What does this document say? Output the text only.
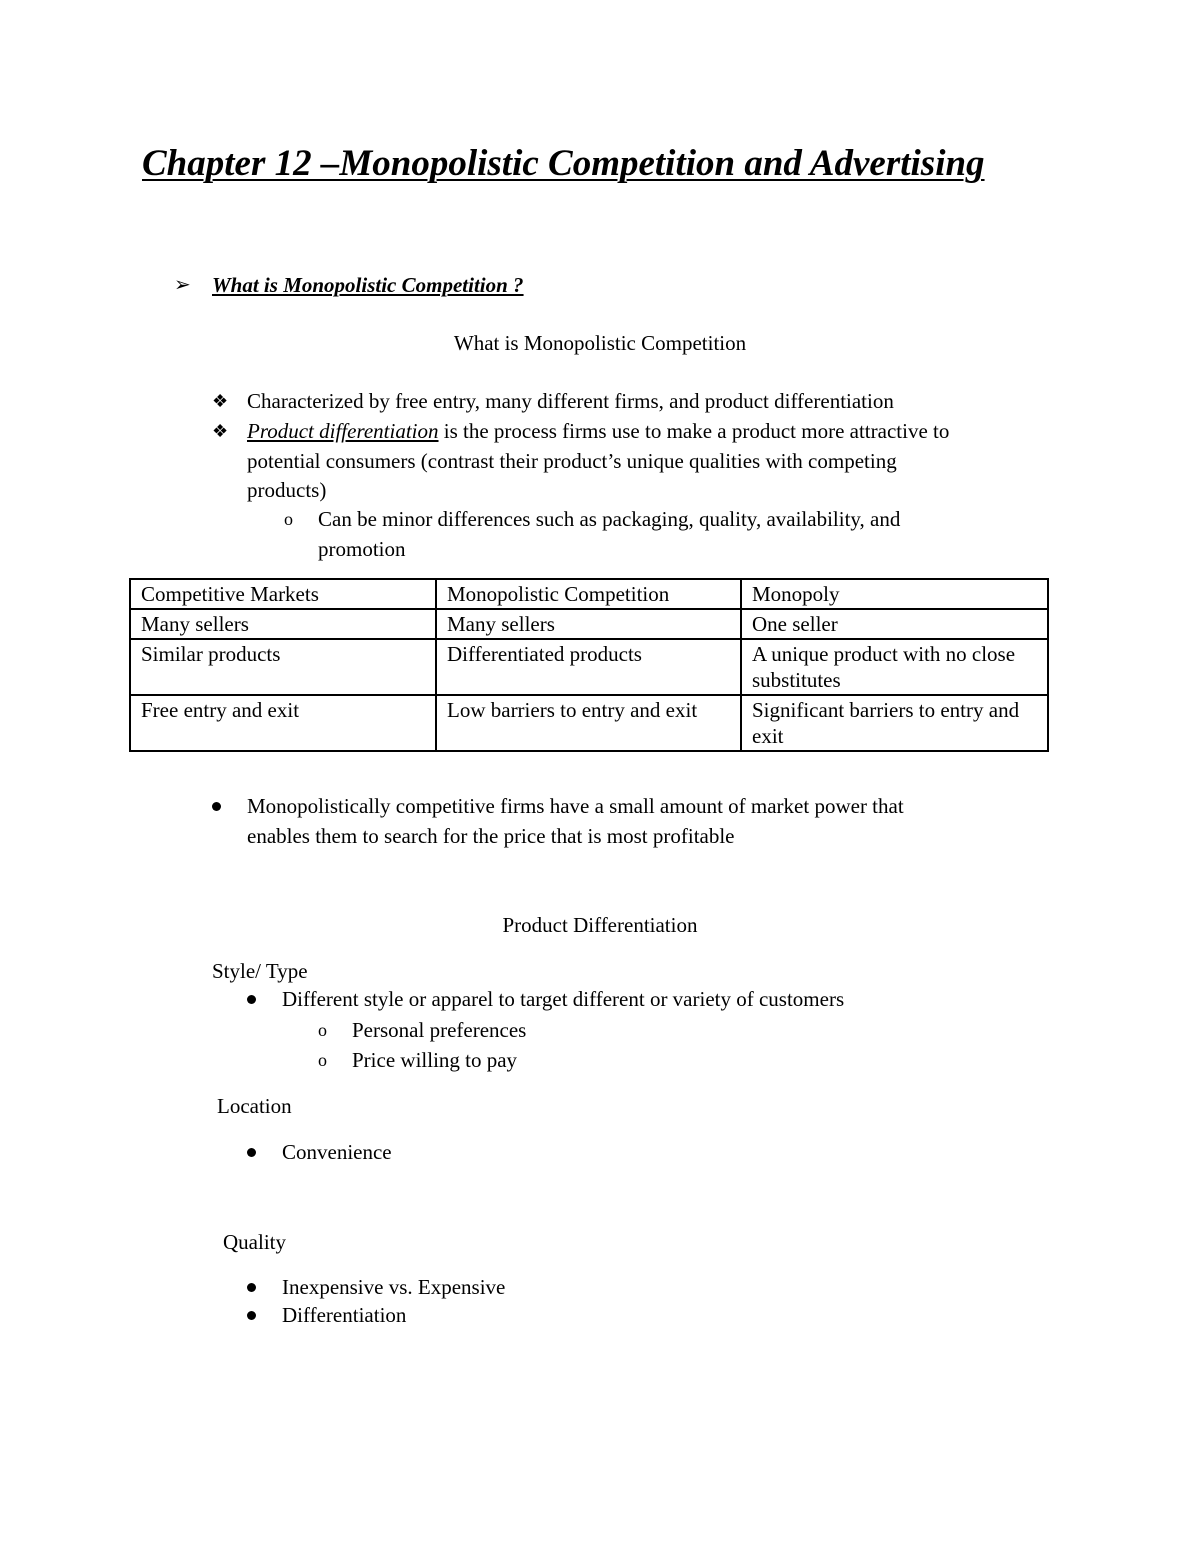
Chapter 12 –Monopolistic Competition and Advertising
➢ What is Monopolistic Competition ?
What is Monopolistic Competition
❖ Characterized by free entry, many different firms, and product differentiation
❖ Product differentiation is the process firms use to make a product more attractive to
potential consumers (contrast their product’s unique qualities with competing
products)
o Can be minor differences such as packaging, quality, availability, and
promotion
Competitive Markets	Monopolistic Competition	Monopoly
Many sellers	Many sellers	One seller
Similar products	Differentiated products	A unique product with no close substitutes
Free entry and exit	Low barriers to entry and exit	Significant barriers to entry and exit
Monopolistically competitive firms have a small amount of market power that
enables them to search for the price that is most profitable
Product Differentiation
Style/ Type
Different style or apparel to target different or variety of customers
o Personal preferences
o Price willing to pay
Location
Convenience
Quality
Inexpensive vs. Expensive
Differentiation
